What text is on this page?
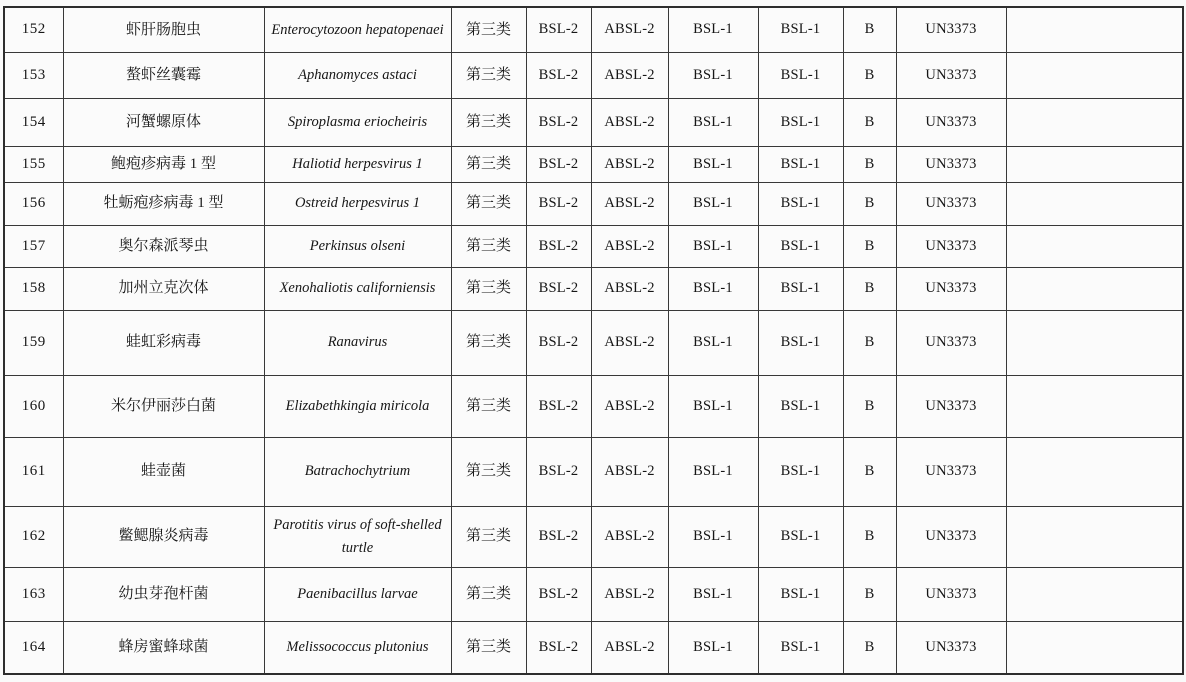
152	虾肝肠胞虫	Enterocytozoon hepatopenaei	第三类	BSL-2	ABSL-2	BSL-1	BSL-1	B	UN3373	
153	螯虾丝囊霉	Aphanomyces astaci	第三类	BSL-2	ABSL-2	BSL-1	BSL-1	B	UN3373	
154	河蟹螺原体	Spiroplasma eriocheiris	第三类	BSL-2	ABSL-2	BSL-1	BSL-1	B	UN3373	
155	鲍疱疹病毒 1 型	Haliotid herpesvirus 1	第三类	BSL-2	ABSL-2	BSL-1	BSL-1	B	UN3373	
156	牡蛎疱疹病毒 1 型	Ostreid herpesvirus 1	第三类	BSL-2	ABSL-2	BSL-1	BSL-1	B	UN3373	
157	奥尔森派琴虫	Perkinsus olseni	第三类	BSL-2	ABSL-2	BSL-1	BSL-1	B	UN3373	
158	加州立克次体	Xenohaliotis californiensis	第三类	BSL-2	ABSL-2	BSL-1	BSL-1	B	UN3373	
159	蛙虹彩病毒	Ranavirus	第三类	BSL-2	ABSL-2	BSL-1	BSL-1	B	UN3373	
160	米尔伊丽莎白菌	Elizabethkingia miricola	第三类	BSL-2	ABSL-2	BSL-1	BSL-1	B	UN3373	
161	蛙壶菌	Batrachochytrium	第三类	BSL-2	ABSL-2	BSL-1	BSL-1	B	UN3373	
162	鳖鳃腺炎病毒	Parotitis virus of soft-shelled turtle	第三类	BSL-2	ABSL-2	BSL-1	BSL-1	B	UN3373	
163	幼虫芽孢杆菌	Paenibacillus larvae	第三类	BSL-2	ABSL-2	BSL-1	BSL-1	B	UN3373	
164	蜂房蜜蜂球菌	Melissococcus plutonius	第三类	BSL-2	ABSL-2	BSL-1	BSL-1	B	UN3373	
